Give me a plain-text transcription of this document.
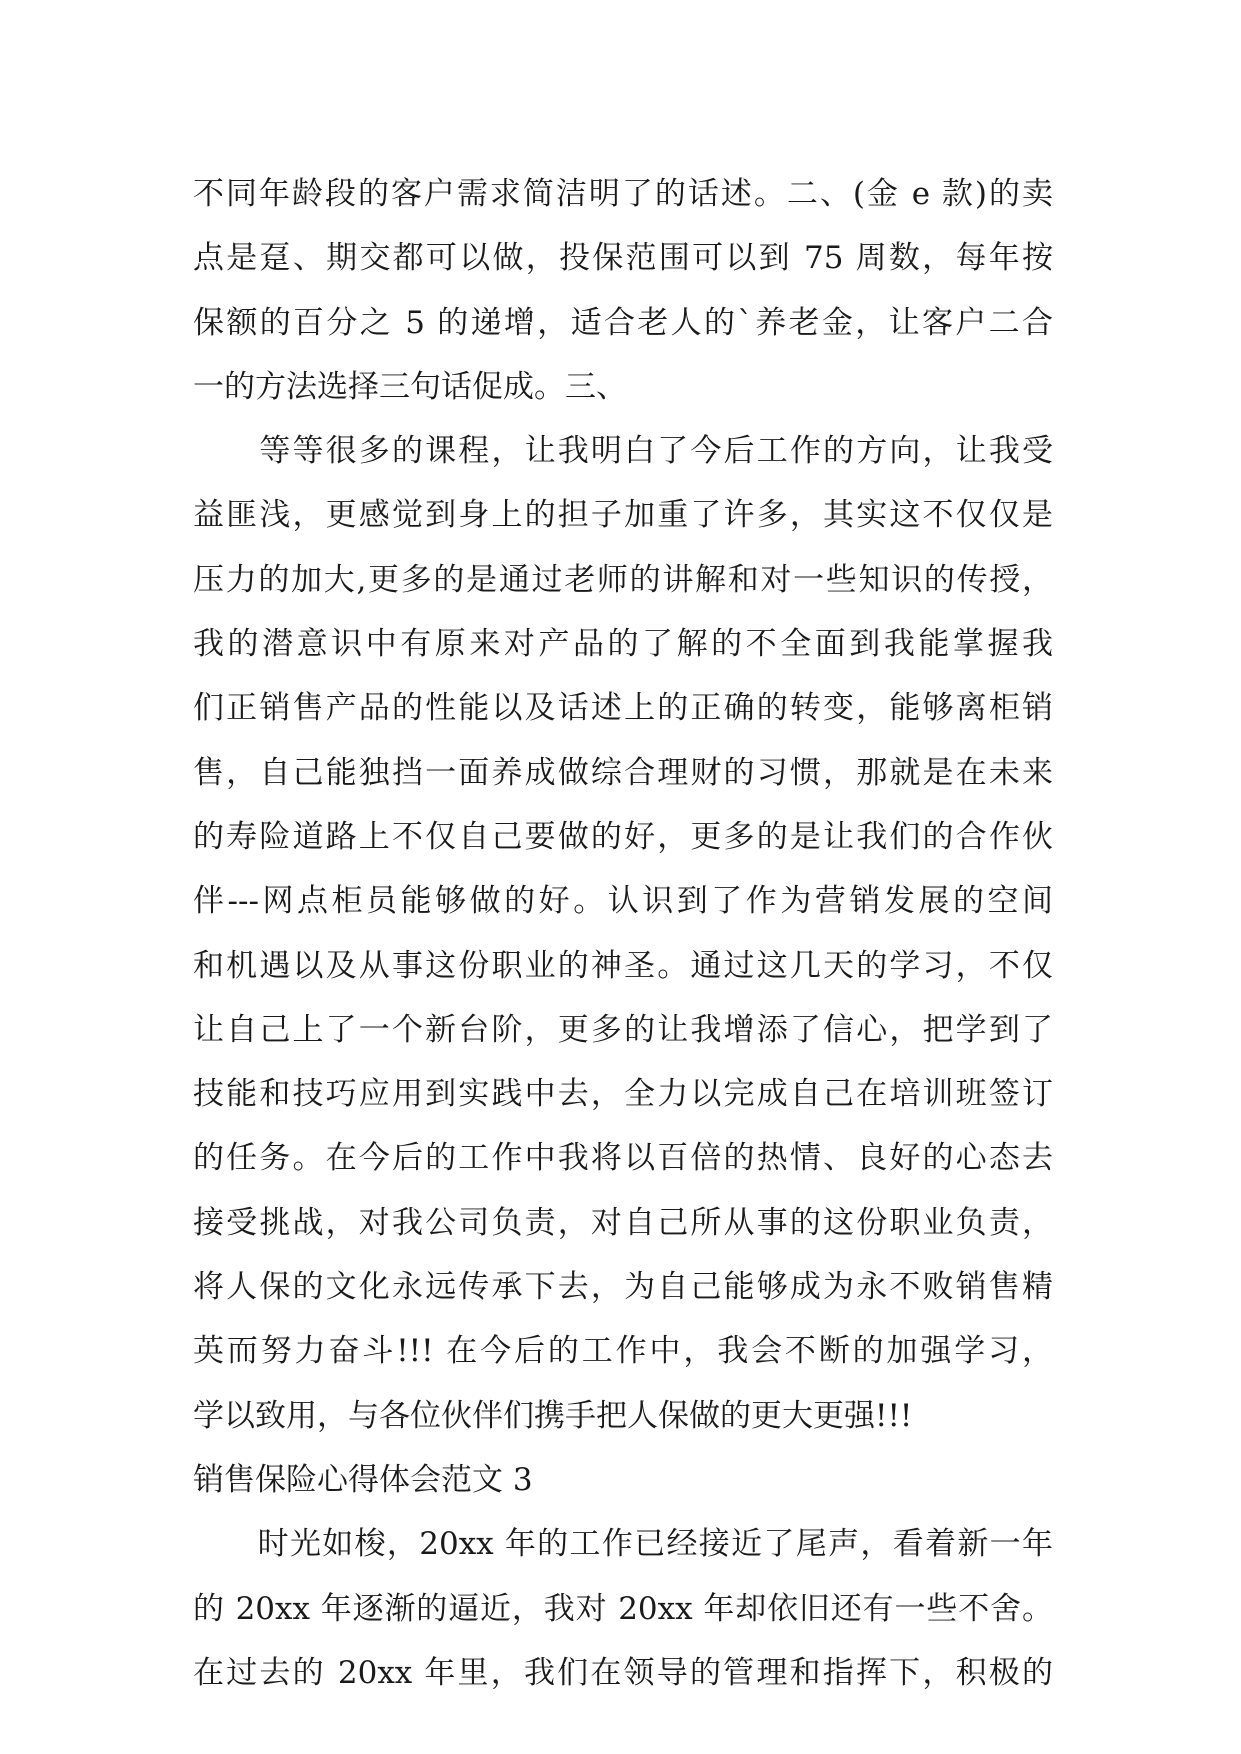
不同年龄段的客户需求简洁明了的话述。二、(金 e 款)的卖
点是趸、期交都可以做，投保范围可以到 75 周数，每年按
保额的百分之 5 的递增，适合老人的`养老金，让客户二合
一的方法选择三句话促成。三、
　　等等很多的课程，让我明白了今后工作的方向，让我受
益匪浅，更感觉到身上的担子加重了许多，其实这不仅仅是
压力的加大,更多的是通过老师的讲解和对一些知识的传授，
我的潜意识中有原来对产品的了解的不全面到我能掌握我
们正销售产品的性能以及话述上的正确的转变，能够离柜销
售，自己能独挡一面养成做综合理财的习惯，那就是在未来
的寿险道路上不仅自己要做的好，更多的是让我们的合作伙
伴---网点柜员能够做的好。认识到了作为营销发展的空间
和机遇以及从事这份职业的神圣。通过这几天的学习，不仅
让自己上了一个新台阶，更多的让我增添了信心，把学到了
技能和技巧应用到实践中去，全力以完成自己在培训班签订
的任务。在今后的工作中我将以百倍的热情、良好的心态去
接受挑战，对我公司负责，对自己所从事的这份职业负责，
将人保的文化永远传承下去，为自己能够成为永不败销售精
英而努力奋斗!!! 在今后的工作中，我会不断的加强学习，
学以致用，与各位伙伴们携手把人保做的更大更强!!!
销售保险心得体会范文 3
　　时光如梭，20xx 年的工作已经接近了尾声，看着新一年
的 20xx 年逐渐的逼近，我对 20xx 年却依旧还有一些不舍。
在过去的 20xx 年里，我们在领导的管理和指挥下，积极的
